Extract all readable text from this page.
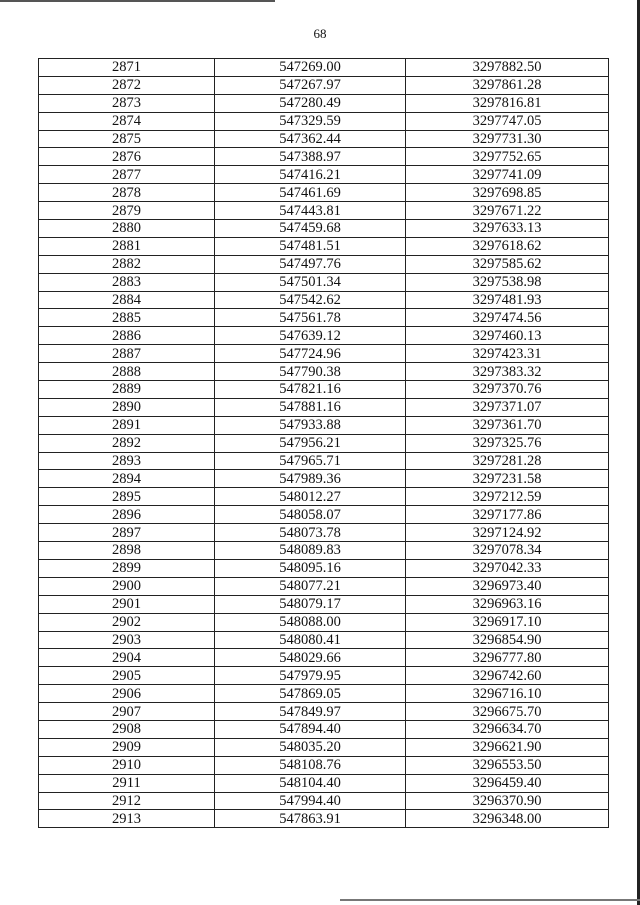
68
2871	547269.00	3297882.50
2872	547267.97	3297861.28
2873	547280.49	3297816.81
2874	547329.59	3297747.05
2875	547362.44	3297731.30
2876	547388.97	3297752.65
2877	547416.21	3297741.09
2878	547461.69	3297698.85
2879	547443.81	3297671.22
2880	547459.68	3297633.13
2881	547481.51	3297618.62
2882	547497.76	3297585.62
2883	547501.34	3297538.98
2884	547542.62	3297481.93
2885	547561.78	3297474.56
2886	547639.12	3297460.13
2887	547724.96	3297423.31
2888	547790.38	3297383.32
2889	547821.16	3297370.76
2890	547881.16	3297371.07
2891	547933.88	3297361.70
2892	547956.21	3297325.76
2893	547965.71	3297281.28
2894	547989.36	3297231.58
2895	548012.27	3297212.59
2896	548058.07	3297177.86
2897	548073.78	3297124.92
2898	548089.83	3297078.34
2899	548095.16	3297042.33
2900	548077.21	3296973.40
2901	548079.17	3296963.16
2902	548088.00	3296917.10
2903	548080.41	3296854.90
2904	548029.66	3296777.80
2905	547979.95	3296742.60
2906	547869.05	3296716.10
2907	547849.97	3296675.70
2908	547894.40	3296634.70
2909	548035.20	3296621.90
2910	548108.76	3296553.50
2911	548104.40	3296459.40
2912	547994.40	3296370.90
2913	547863.91	3296348.00
